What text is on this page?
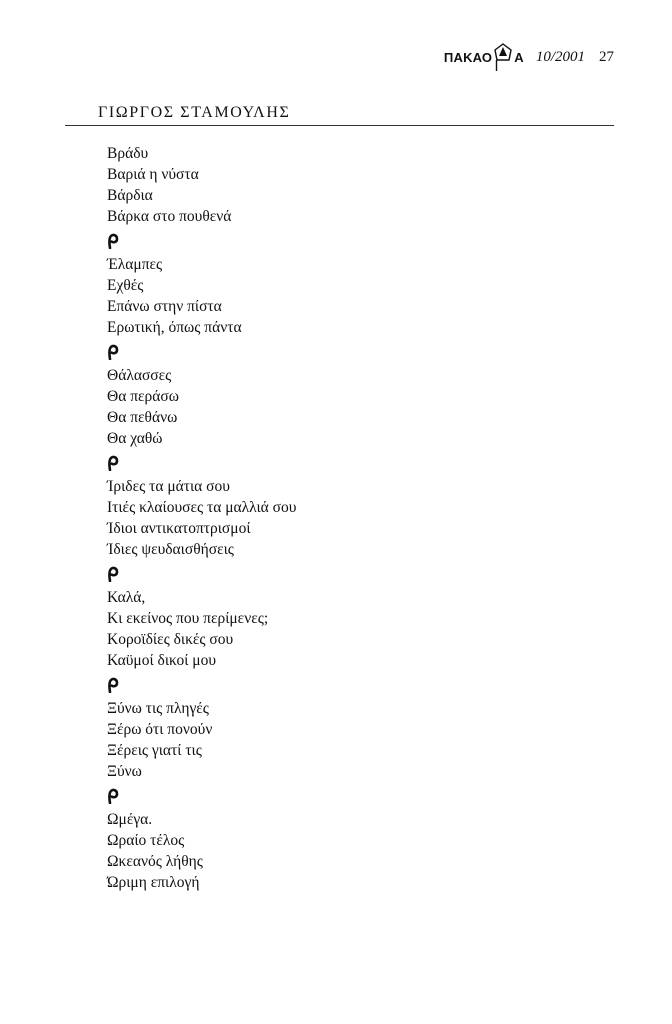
ΠΑΚΑΟ Α 10/2001 27
ΓΙΩΡΓΟΣ ΣΤΑΜΟΥΛΗΣ
Βράδυ
Βαριά η νύστα
Βάρδια
Βάρκα στο πουθενά
Έλαμπες
Εχθές
Επάνω στην πίστα
Ερωτική, όπως πάντα
Θάλασσες
Θα περάσω
Θα πεθάνω
Θα χαθώ
Ίριδες τα μάτια σου
Ιτιές κλαίουσες τα μαλλιά σου
Ίδιοι αντικατοπτρισμοί
Ίδιες ψευδαισθήσεις
Καλά,
Κι εκείνος που περίμενες;
Κοροϊδίες δικές σου
Καϋμοί δικοί μου
Ξύνω τις πληγές
Ξέρω ότι πονούν
Ξέρεις γιατί τις
Ξύνω
Ωμέγα.
Ωραίο τέλος
Ωκεανός λήθης
Ώριμη επιλογή
